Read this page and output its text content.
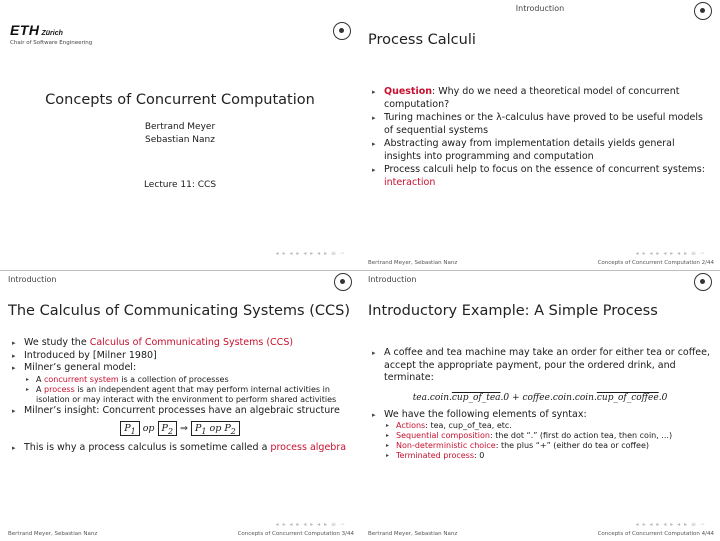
ETH Zürich
Chair of Software Engineering
Concepts of Concurrent Computation
Bertrand Meyer
Sebastian Nanz
Lecture 11: CCS
◂ ▸ ◂ ▸ ◂ ▸ ◂ ▸ ≡ ∽
Introduction
Process Calculi
▸ Question: Why do we need a theoretical model of concurrent computation?
▸ Turing machines or the λ-calculus have proved to be useful models of sequential systems
▸ Abstracting away from implementation details yields general insights into programming and computation
▸ Process calculi help to focus on the essence of concurrent systems: interaction
◂ ▸ ◂ ▸ ◂ ▸ ◂ ▸ ≡ ∽
Bertrand Meyer, Sebastian Nanz	Concepts of Concurrent Computation 2/44
Introduction
The Calculus of Communicating Systems (CCS)
▸ We study the Calculus of Communicating Systems (CCS)
▸ Introduced by [Milner 1980]
▸ Milner’s general model:
▸ A concurrent system is a collection of processes
▸ A process is an independent agent that may perform internal activities in isolation or may interact with the environment to perform shared activities
▸ Milner’s insight: Concurrent processes have an algebraic structure
$P_1$ op $P_2$ ⇒ $P_1$ op $P_2$
▸ This is why a process calculus is sometime called a process algebra
◂ ▸ ◂ ▸ ◂ ▸ ◂ ▸ ≡ ∽
Bertrand Meyer, Sebastian Nanz	Concepts of Concurrent Computation 3/44
Introduction
Introductory Example: A Simple Process
▸ A coffee and tea machine may take an order for either tea or coffee, accept the appropriate payment, pour the ordered drink, and terminate:
tea.coin.cup_of_tea.0 + coffee.coin.coin.cup_of_coffee.0
▸ We have the following elements of syntax:
▸ Actions: tea, cup_of_tea, etc.
▸ Sequential composition: the dot “.” (first do action tea, then coin, ...)
▸ Non-deterministic choice: the plus “+” (either do tea or coffee)
▸ Terminated process: 0
◂ ▸ ◂ ▸ ◂ ▸ ◂ ▸ ≡ ∽
Bertrand Meyer, Sebastian Nanz	Concepts of Concurrent Computation 4/44
